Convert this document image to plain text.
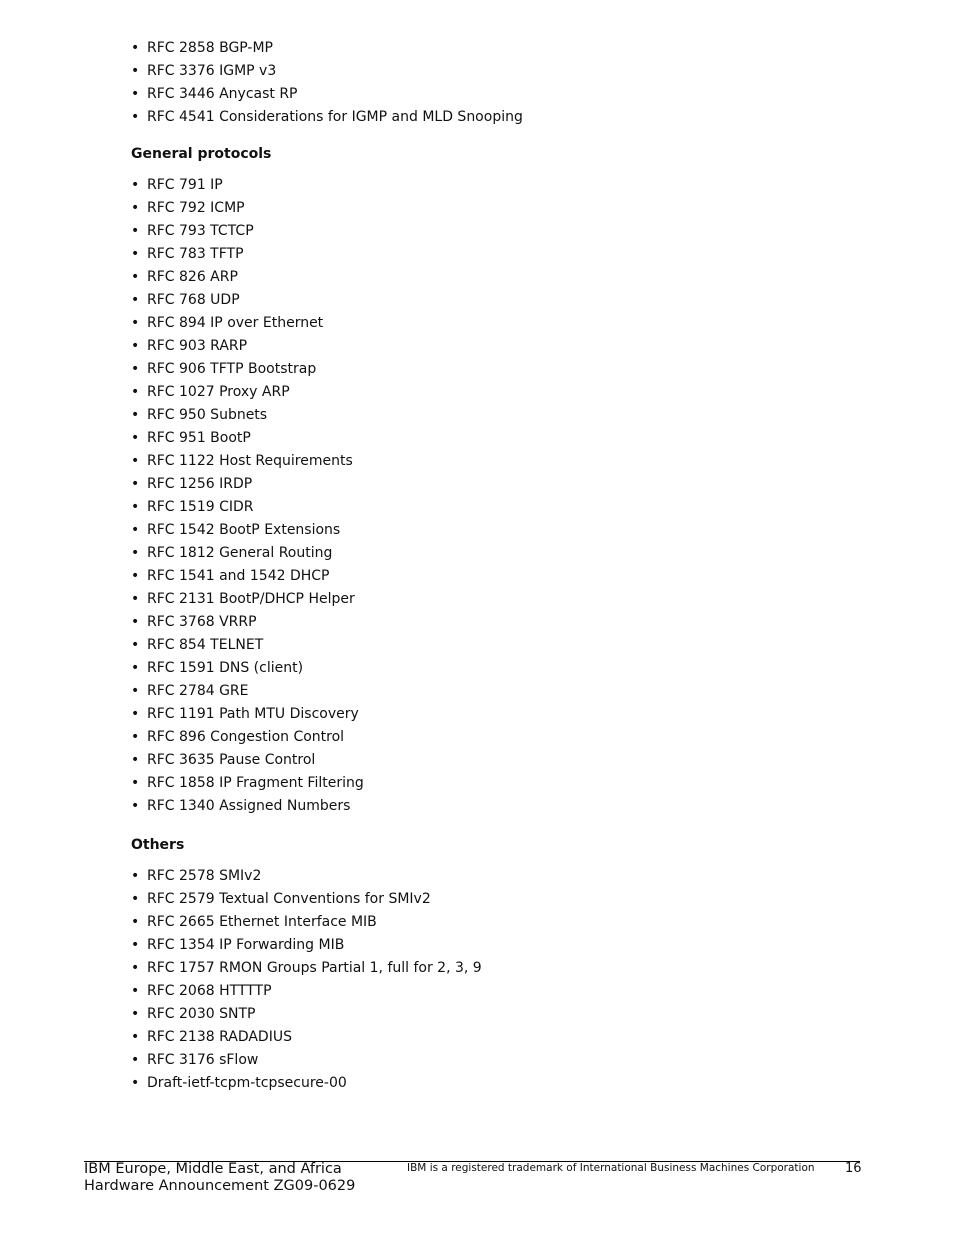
• RFC 2858 BGP-MP
• RFC 3376 IGMP v3
• RFC 3446 Anycast RP
• RFC 4541 Considerations for IGMP and MLD Snooping
General protocols
• RFC 791 IP
• RFC 792 ICMP
• RFC 793 TCTCP
• RFC 783 TFTP
• RFC 826 ARP
• RFC 768 UDP
• RFC 894 IP over Ethernet
• RFC 903 RARP
• RFC 906 TFTP Bootstrap
• RFC 1027 Proxy ARP
• RFC 950 Subnets
• RFC 951 BootP
• RFC 1122 Host Requirements
• RFC 1256 IRDP
• RFC 1519 CIDR
• RFC 1542 BootP Extensions
• RFC 1812 General Routing
• RFC 1541 and 1542 DHCP
• RFC 2131 BootP/DHCP Helper
• RFC 3768 VRRP
• RFC 854 TELNET
• RFC 1591 DNS (client)
• RFC 2784 GRE
• RFC 1191 Path MTU Discovery
• RFC 896 Congestion Control
• RFC 3635 Pause Control
• RFC 1858 IP Fragment Filtering
• RFC 1340 Assigned Numbers
Others
• RFC 2578 SMIv2
• RFC 2579 Textual Conventions for SMIv2
• RFC 2665 Ethernet Interface MIB
• RFC 1354 IP Forwarding MIB
• RFC 1757 RMON Groups Partial 1, full for 2, 3, 9
• RFC 2068 HTTTTP
• RFC 2030 SNTP
• RFC 2138 RADADIUS
• RFC 3176 sFlow
• Draft-ietf-tcpm-tcpsecure-00
IBM Europe, Middle East, and Africa
Hardware Announcement ZG09-0629
IBM is a registered trademark of International Business Machines Corporation 16
